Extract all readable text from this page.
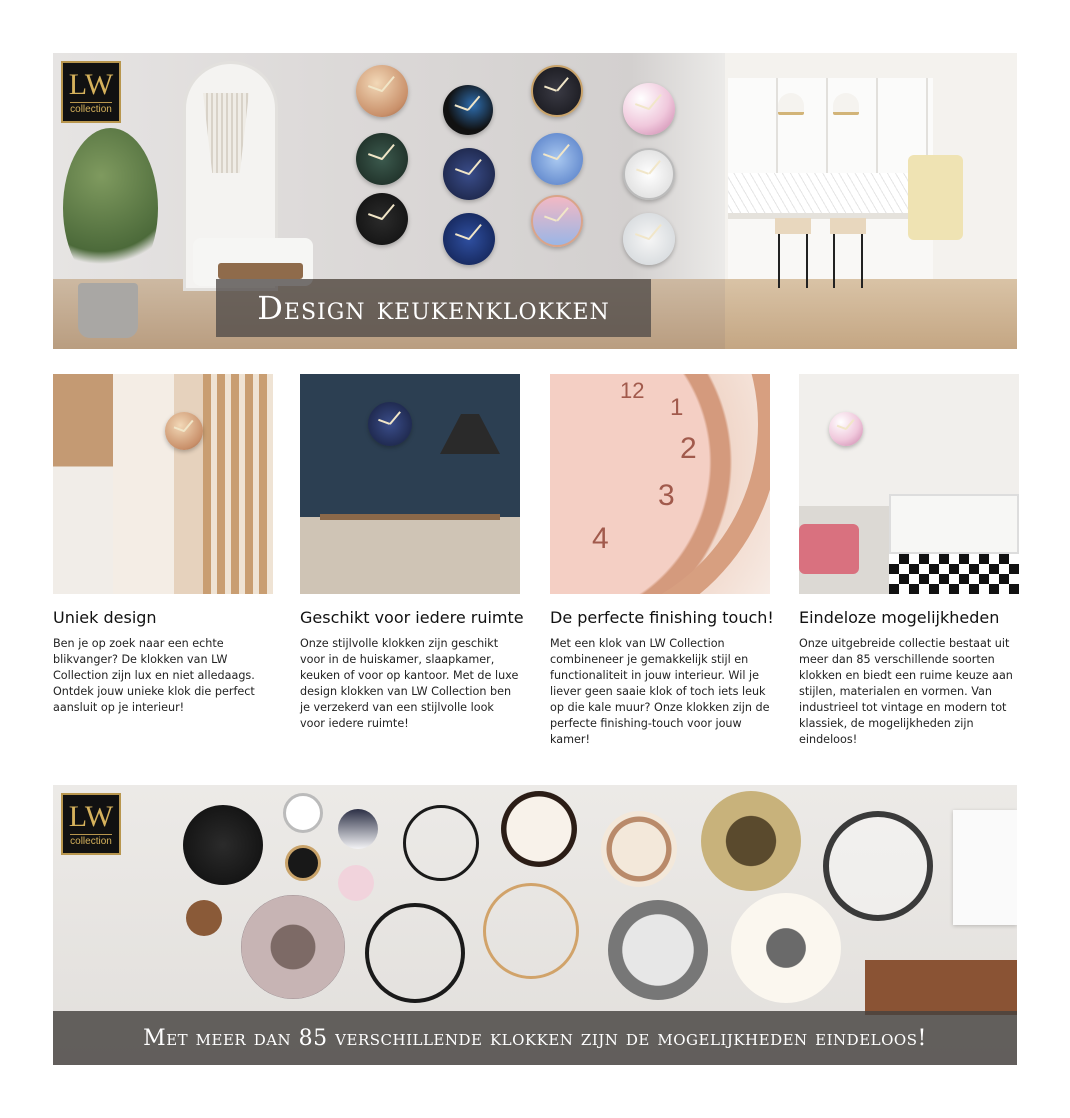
LW
collection
Design keukenklokken
Uniek design

Ben je op zoek naar een echte blikvanger? De klokken van LW Collection zijn lux en niet alledaags. Ontdek jouw unieke klok die perfect aansluit op je interieur!

Geschikt voor iedere ruimte

Onze stijlvolle klokken zijn geschikt voor in de huiskamer, slaapkamer, keuken of voor op kantoor. Met de luxe design klokken van LW Collection ben je verzekerd van een stijlvolle look voor iedere ruimte!

12
1
2
3
4
De perfecte finishing touch!

Met een klok van LW Collection combineneer je gemakkelijk stijl en functionaliteit in jouw interieur. Wil je liever geen saaie klok of toch iets leuk op die kale muur? Onze klokken zijn de perfecte finishing-touch voor jouw kamer!

Eindeloze mogelijkheden

Onze uitgebreide collectie bestaat uit meer dan 85 verschillende soorten klokken en biedt een ruime keuze aan stijlen, materialen en vormen. Van industrieel tot vintage en modern tot klassiek, de mogelijkheden zijn eindeloos!

LW
collection
Met meer dan 85 verschillende klokken zijn de mogelijkheden eindeloos!
